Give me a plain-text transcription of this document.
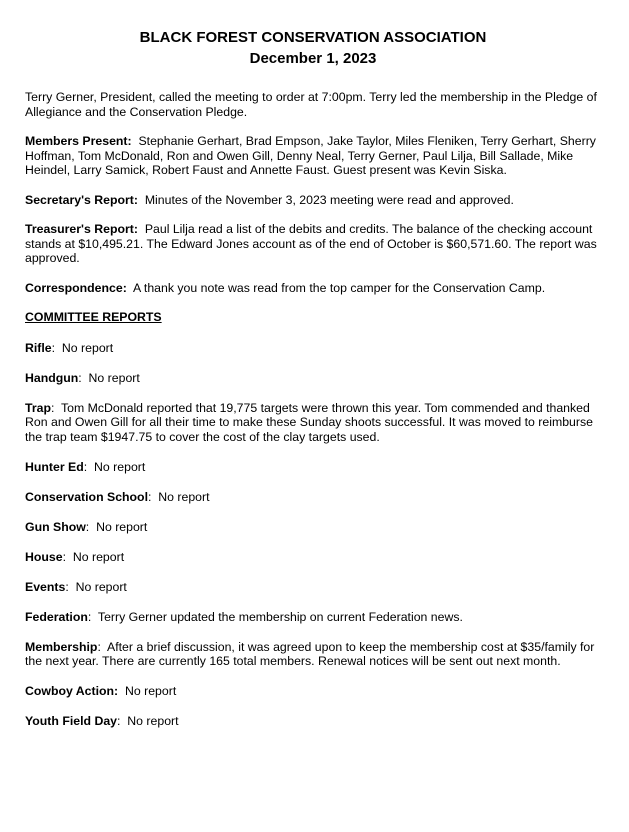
BLACK FOREST CONSERVATION ASSOCIATION

December 1, 2023

Terry Gerner, President, called the meeting to order at 7:00pm. Terry led the membership in the Pledge of Allegiance and the Conservation Pledge.

Members Present: Stephanie Gerhart, Brad Empson, Jake Taylor, Miles Fleniken, Terry Gerhart, Sherry Hoffman, Tom McDonald, Ron and Owen Gill, Denny Neal, Terry Gerner, Paul Lilja, Bill Sallade, Mike Heindel, Larry Samick, Robert Faust and Annette Faust. Guest present was Kevin Siska.

Secretary's Report: Minutes of the November 3, 2023 meeting were read and approved.

Treasurer's Report: Paul Lilja read a list of the debits and credits. The balance of the checking account stands at $10,495.21. The Edward Jones account as of the end of October is $60,571.60. The report was approved.

Correspondence: A thank you note was read from the top camper for the Conservation Camp.

COMMITTEE REPORTS

Rifle: No report

Handgun: No report

Trap: Tom McDonald reported that 19,775 targets were thrown this year. Tom commended and thanked Ron and Owen Gill for all their time to make these Sunday shoots successful. It was moved to reimburse the trap team $1947.75 to cover the cost of the clay targets used.

Hunter Ed: No report

Conservation School: No report

Gun Show: No report

House: No report

Events: No report

Federation: Terry Gerner updated the membership on current Federation news.

Membership: After a brief discussion, it was agreed upon to keep the membership cost at $35/family for the next year. There are currently 165 total members. Renewal notices will be sent out next month.

Cowboy Action: No report

Youth Field Day: No report
